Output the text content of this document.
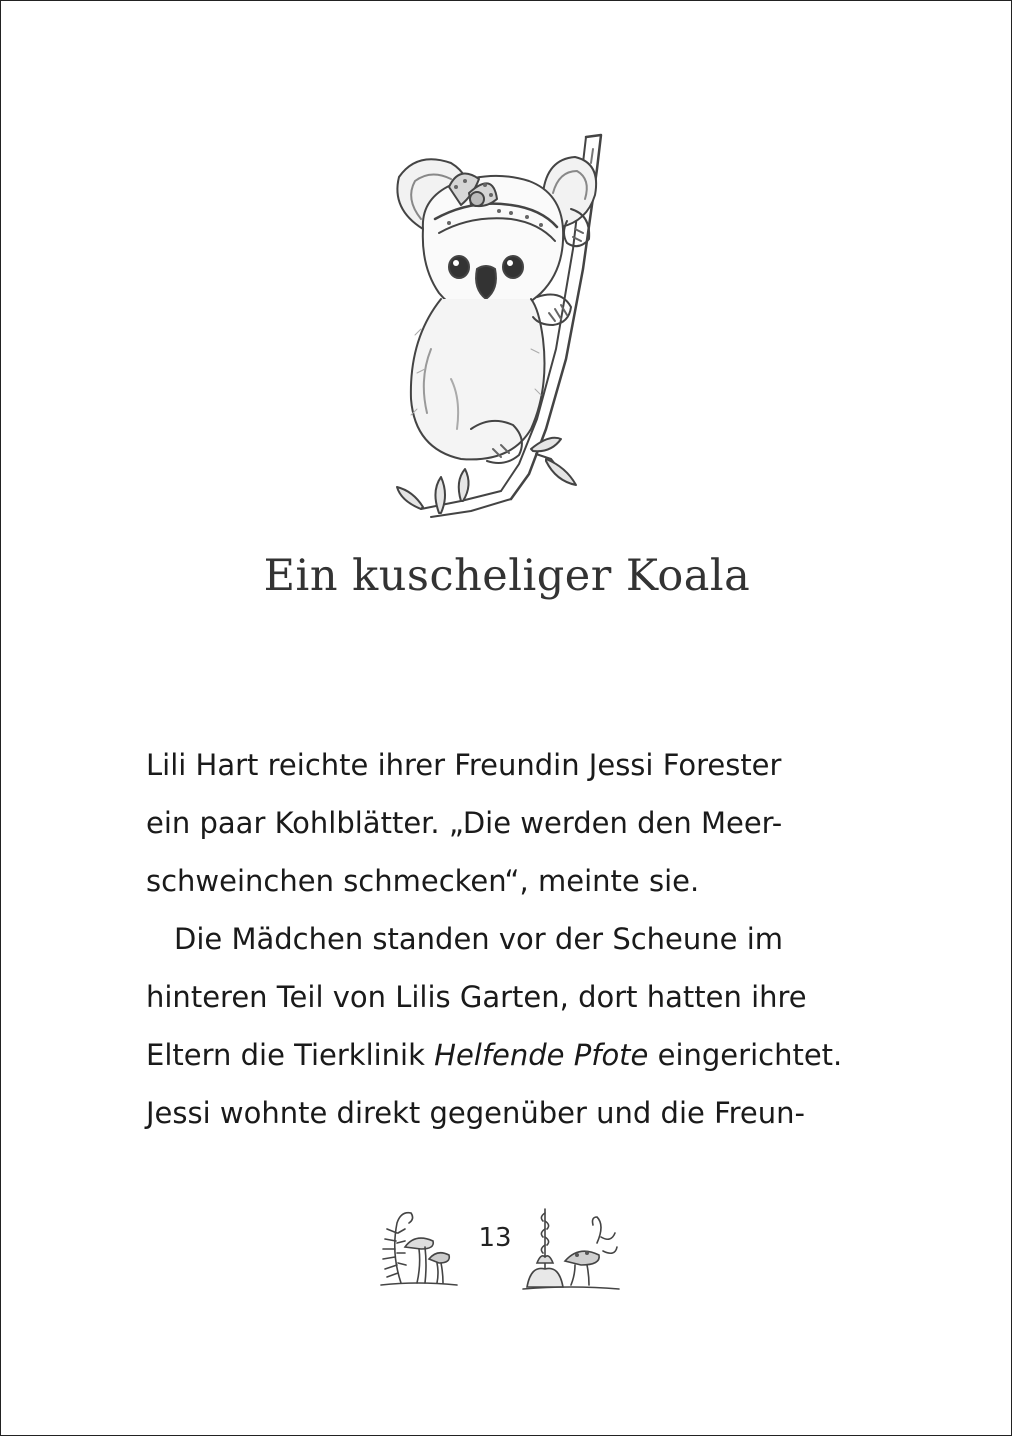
Ein kuscheliger Koala
Lili Hart reichte ihrer Freundin Jessi Forester
ein paar Kohlblätter. „Die werden den Meer-
schweinchen schmecken“, meinte sie.
Die Mädchen standen vor der Scheune im
hinteren Teil von Lilis Garten, dort hatten ihre
Eltern die Tierklinik Helfende Pfote eingerichtet.
Jessi wohnte direkt gegenüber und die Freun-
13
